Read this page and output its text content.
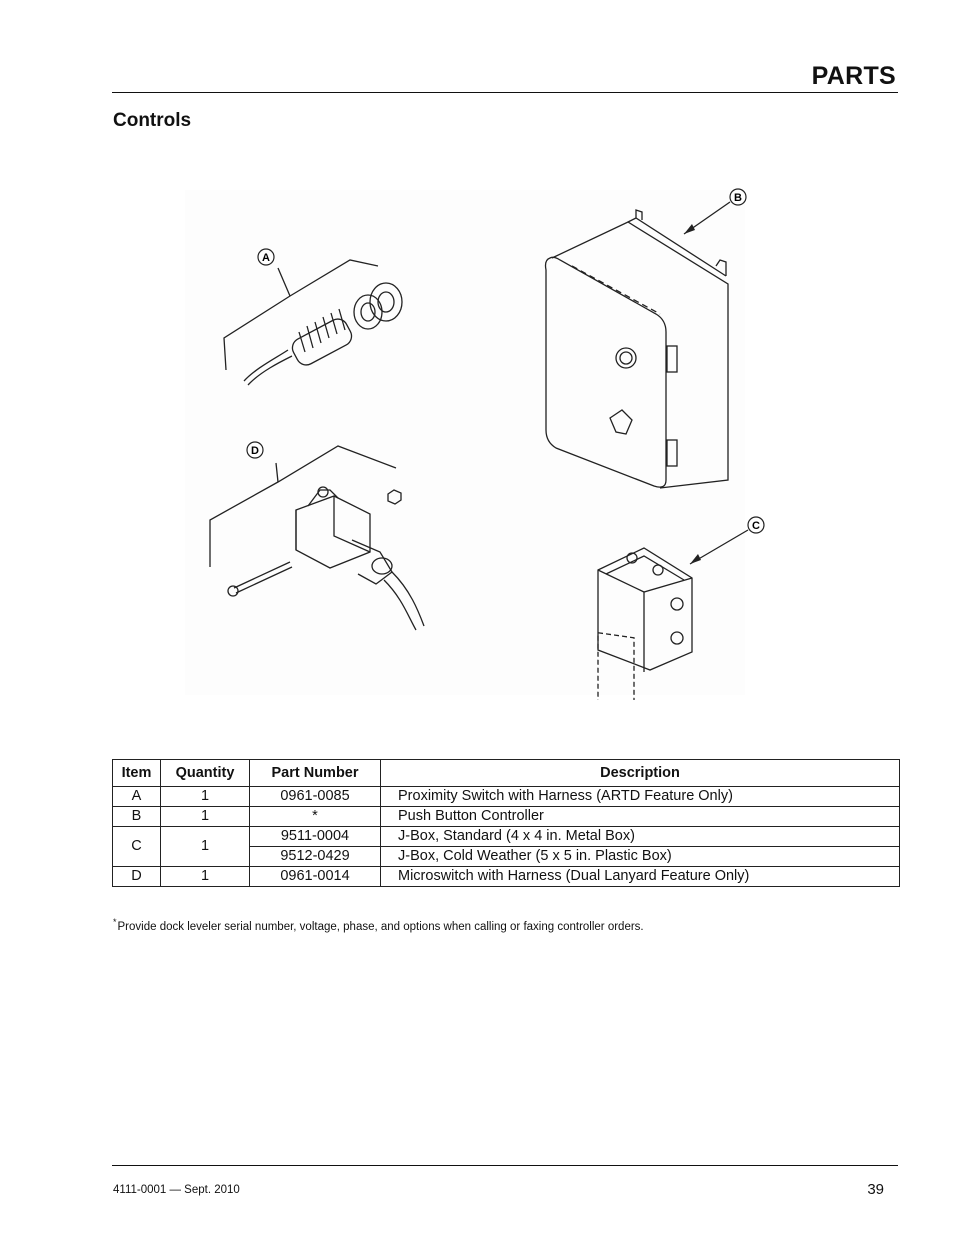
PARTS
Controls
A
D
B
C
Item	Quantity	Part Number	Description
A	1	0961-0085	Proximity Switch with Harness (ARTD Feature Only)
B	1	*	Push Button Controller
C	1	9511-0004	J-Box, Standard (4 x 4 in. Metal Box)
		9512-0429	J-Box, Cold Weather (5 x 5 in. Plastic Box)
D	1	0961-0014	Microswitch with Harness (Dual Lanyard Feature Only)
*Provide dock leveler serial number, voltage, phase, and options when calling or faxing controller orders.
4111-0001 — Sept. 2010	39
